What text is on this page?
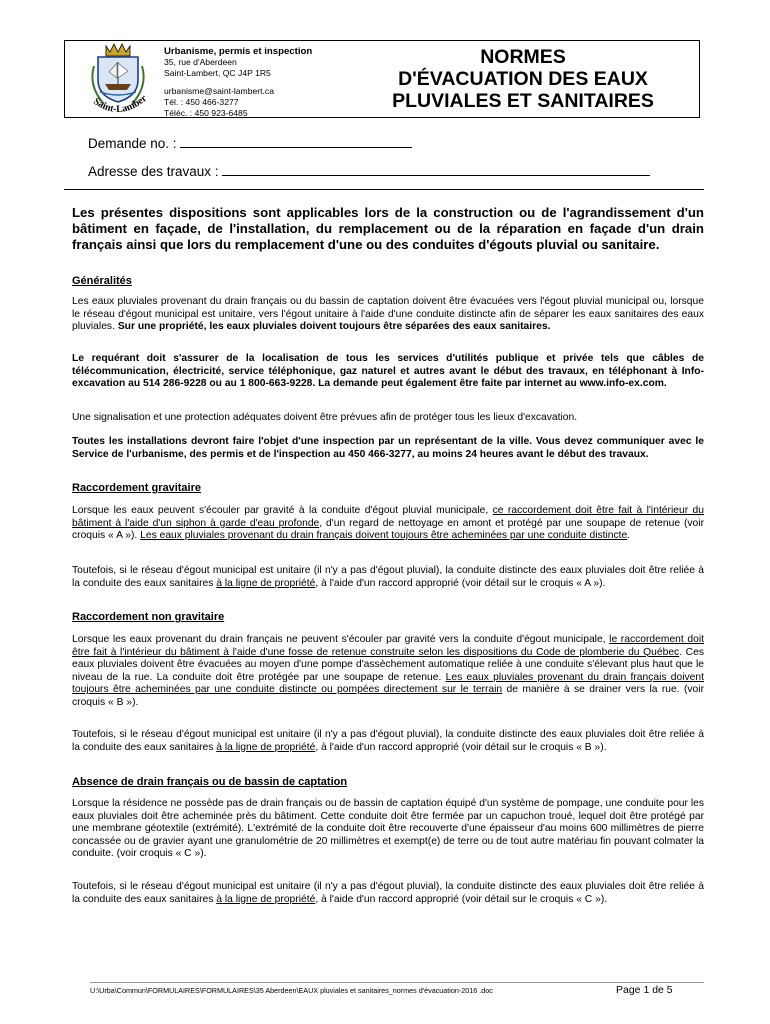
Saint-Lamber
Urbanisme, permis et inspection
35, rue d'Aberdeen
Saint-Lambert, QC J4P 1R5
urbanisme@saint-lambert.ca
Tél. : 450 466-3277
Téléc. : 450 923-6485
NORMES
D'ÉVACUATION DES EAUX
PLUVIALES ET SANITAIRES
Demande no. :
Adresse des travaux :
Les présentes dispositions sont applicables lors de la construction ou de l'agrandissement d'un bâtiment en façade, de l'installation, du remplacement ou de la réparation en façade d'un drain français ainsi que lors du remplacement d'une ou des conduites d'égouts pluvial ou sanitaire.
Généralités
Les eaux pluviales provenant du drain français ou du bassin de captation doivent être évacuées vers l'égout pluvial municipal ou, lorsque le réseau d'égout municipal est unitaire, vers l'égout unitaire à l'aide d'une conduite distincte afin de séparer les eaux sanitaires des eaux pluviales. Sur une propriété, les eaux pluviales doivent toujours être séparées des eaux sanitaires.
Le requérant doit s'assurer de la localisation de tous les services d'utilités publique et privée tels que câbles de télécommunication, électricité, service téléphonique, gaz naturel et autres avant le début des travaux, en téléphonant à Info-excavation au 514 286-9228 ou au 1 800-663-9228. La demande peut également être faite par internet au www.info-ex.com.
Une signalisation et une protection adéquates doivent être prévues afin de protéger tous les lieux d'excavation.
Toutes les installations devront faire l'objet d'une inspection par un représentant de la ville. Vous devez communiquer avec le Service de l'urbanisme, des permis et de l'inspection au 450 466-3277, au moins 24 heures avant le début des travaux.
Raccordement gravitaire
Lorsque les eaux peuvent s'écouler par gravité à la conduite d'égout pluvial municipale, ce raccordement doit être fait à l'intérieur du bâtiment à l'aide d'un siphon à garde d'eau profonde, d'un regard de nettoyage en amont et protégé par une soupape de retenue (voir croquis « A »). Les eaux pluviales provenant du drain français doivent toujours être acheminées par une conduite distincte.
Toutefois, si le réseau d'égout municipal est unitaire (il n'y a pas d'égout pluvial), la conduite distincte des eaux pluviales doit être reliée à la conduite des eaux sanitaires à la ligne de propriété, à l'aide d'un raccord approprié (voir détail sur le croquis « A »).
Raccordement non gravitaire
Lorsque les eaux provenant du drain français ne peuvent s'écouler par gravité vers la conduite d'égout municipale, le raccordement doit être fait à l'intérieur du bâtiment à l'aide d'une fosse de retenue construite selon les dispositions du Code de plomberie du Québec. Ces eaux pluviales doivent être évacuées au moyen d'une pompe d'assèchement automatique reliée à une conduite s'élevant plus haut que le niveau de la rue. La conduite doit être protégée par une soupape de retenue. Les eaux pluviales provenant du drain français doivent toujours être acheminées par une conduite distincte ou pompées directement sur le terrain de manière à se drainer vers la rue. (voir croquis « B »).
Toutefois, si le réseau d'égout municipal est unitaire (il n'y a pas d'égout pluvial), la conduite distincte des eaux pluviales doit être reliée à la conduite des eaux sanitaires à la ligne de propriété, à l'aide d'un raccord approprié (voir détail sur le croquis « B »).
Absence de drain français ou de bassin de captation
Lorsque la résidence ne possède pas de drain français ou de bassin de captation équipé d'un système de pompage, une conduite pour les eaux pluviales doit être acheminée près du bâtiment. Cette conduite doit être fermée par un capuchon troué, lequel doit être protégé par une membrane géotextile (extrémité). L'extrémité de la conduite doit être recouverte d'une épaisseur d'au moins 600 millimètres de pierre concassée ou de gravier ayant une granulométrie de 20 millimètres et exempt(e) de terre ou de tout autre matériau fin pouvant colmater la conduite. (voir croquis « C »).
Toutefois, si le réseau d'égout municipal est unitaire (il n'y a pas d'égout pluvial), la conduite distincte des eaux pluviales doit être reliée à la conduite des eaux sanitaires à la ligne de propriété, à l'aide d'un raccord approprié (voir détail sur le croquis « C »).
U:\Urba\Commun\FORMULAIRES\FORMULAIRES\35 Aberdeen\EAUX pluviales et sanitaires_normes d'évacuation-2016 .doc	Page 1 de 5
